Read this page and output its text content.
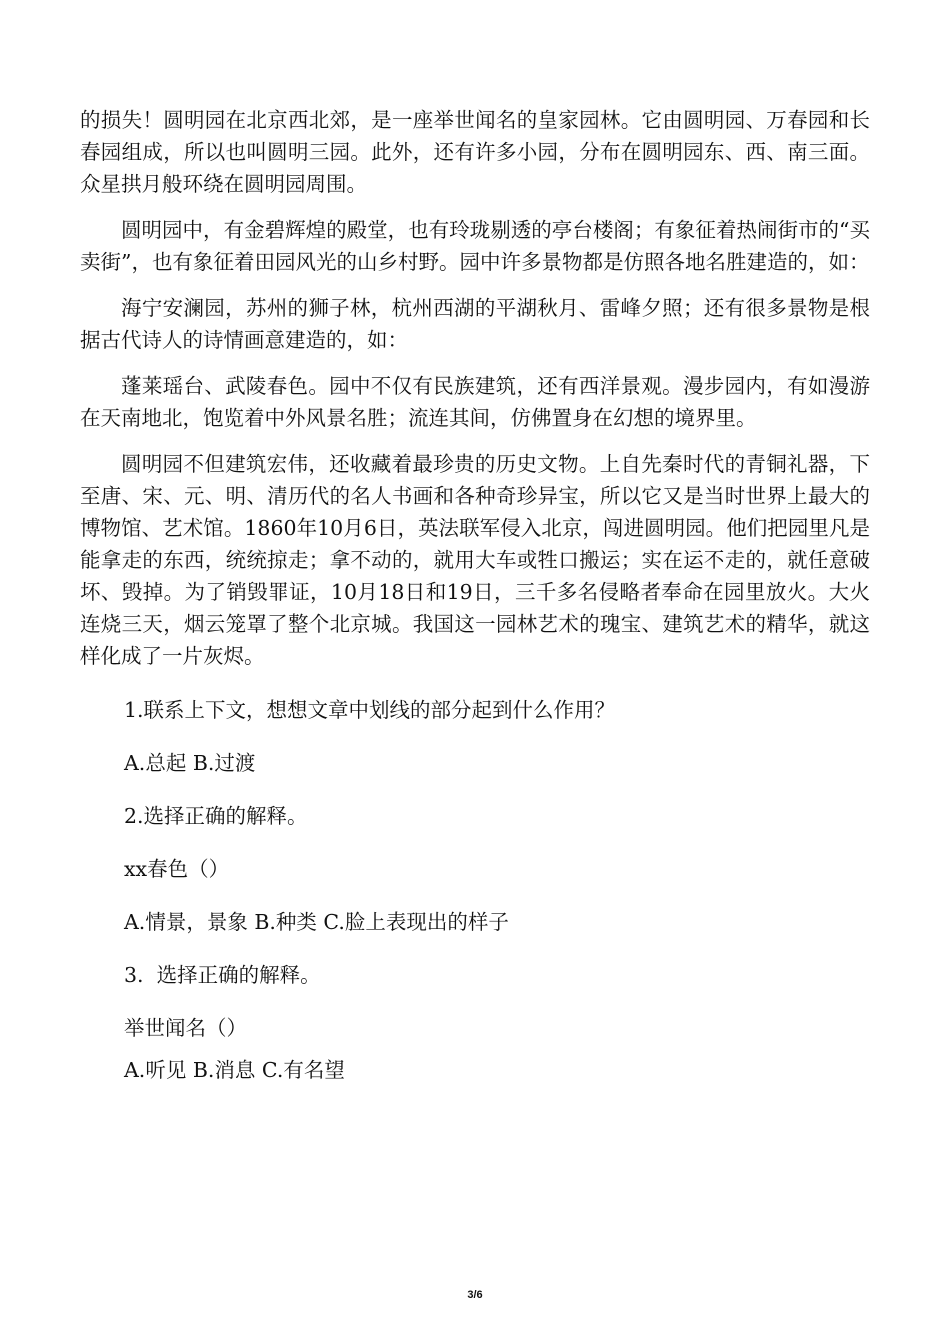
的损失！圆明园在北京西北郊，是一座举世闻名的皇家园林。它由圆明园、万春园和长春园组成，所以也叫圆明三园。此外，还有许多小园，分布在圆明园东、西、南三面。众星拱月般环绕在圆明园周围。

圆明园中，有金碧辉煌的殿堂，也有玲珑剔透的亭台楼阁；有象征着热闹街市的“买卖街”，也有象征着田园风光的山乡村野。园中许多景物都是仿照各地名胜建造的，如：

海宁安澜园，苏州的狮子林，杭州西湖的平湖秋月、雷峰夕照；还有很多景物是根据古代诗人的诗情画意建造的，如：

蓬莱瑶台、武陵春色。园中不仅有民族建筑，还有西洋景观。漫步园内，有如漫游在天南地北，饱览着中外风景名胜；流连其间，仿佛置身在幻想的境界里。

圆明园不但建筑宏伟，还收藏着最珍贵的历史文物。上自先秦时代的青铜礼器，下至唐、宋、元、明、清历代的名人书画和各种奇珍异宝，所以它又是当时世界上最大的博物馆、艺术馆。1860年10月6日，英法联军侵入北京，闯进圆明园。他们把园里凡是能拿走的东西，统统掠走；拿不动的，就用大车或牲口搬运；实在运不走的，就任意破坏、毁掉。为了销毁罪证，10月18日和19日，三千多名侵略者奉命在园里放火。大火连烧三天，烟云笼罩了整个北京城。我国这一园林艺术的瑰宝、建筑艺术的精华，就这样化成了一片灰烬。

1.联系上下文，想想文章中划线的部分起到什么作用？

A.总起 B.过渡

2.选择正确的解释。

xx春色（）

A.情景，景象 B.种类 C.脸上表现出的样子

3.  选择正确的解释。

举世闻名（）

A.听见 B.消息 C.有名望

3/6
